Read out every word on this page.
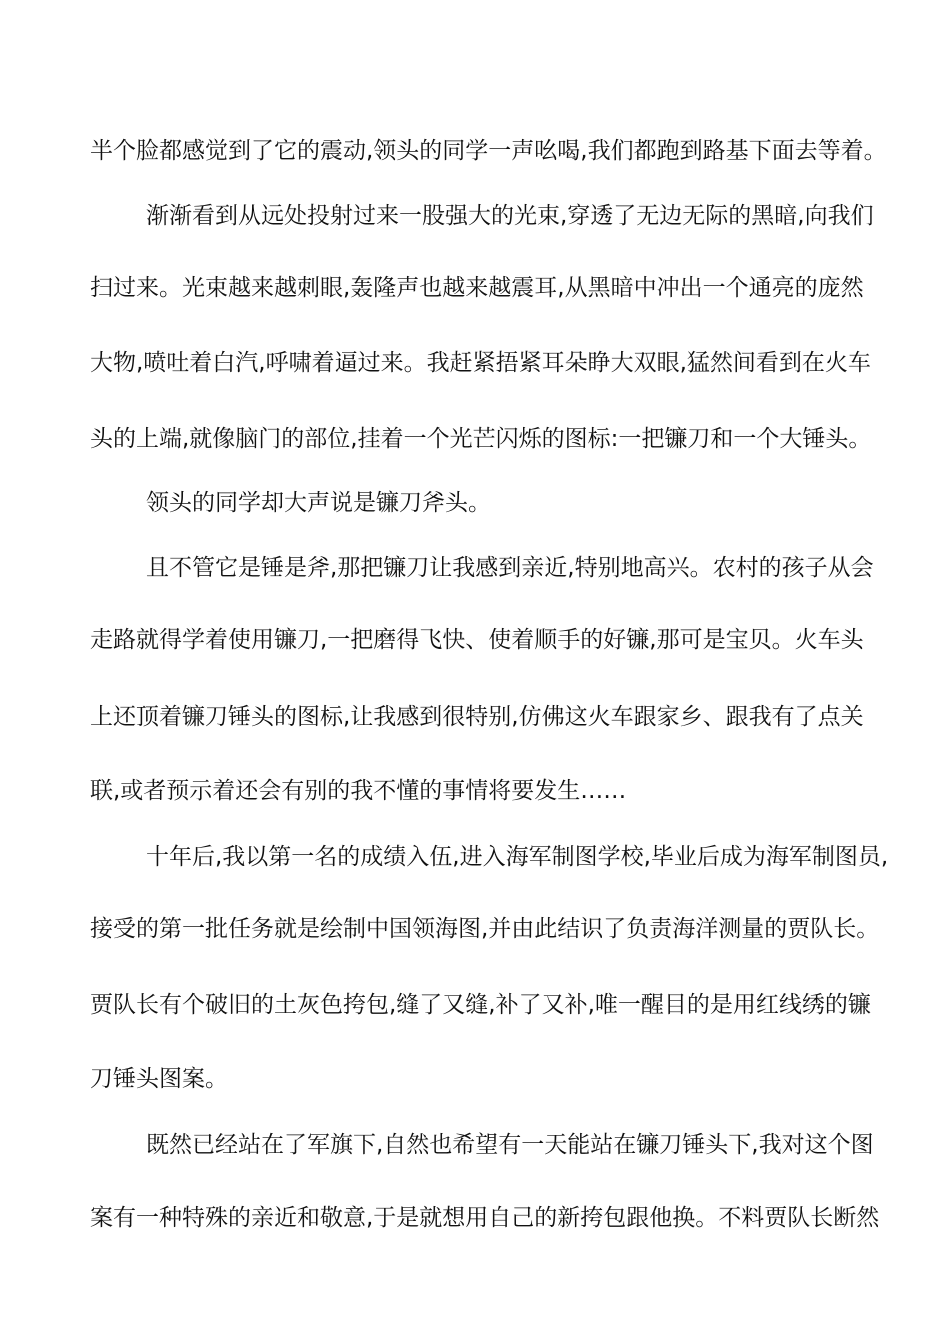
半个脸都感觉到了它的震动,领头的同学一声吆喝,我们都跑到路基下面去等着。
渐渐看到从远处投射过来一股强大的光束,穿透了无边无际的黑暗,向我们
扫过来。光束越来越刺眼,轰隆声也越来越震耳,从黑暗中冲出一个通亮的庞然
大物,喷吐着白汽,呼啸着逼过来。我赶紧捂紧耳朵睁大双眼,猛然间看到在火车
头的上端,就像脑门的部位,挂着一个光芒闪烁的图标:一把镰刀和一个大锤头。
领头的同学却大声说是镰刀斧头。
且不管它是锤是斧,那把镰刀让我感到亲近,特别地高兴。农村的孩子从会
走路就得学着使用镰刀,一把磨得飞快、使着顺手的好镰,那可是宝贝。火车头
上还顶着镰刀锤头的图标,让我感到很特别,仿佛这火车跟家乡、跟我有了点关
联,或者预示着还会有别的我不懂的事情将要发生……
十年后,我以第一名的成绩入伍,进入海军制图学校,毕业后成为海军制图员,
接受的第一批任务就是绘制中国领海图,并由此结识了负责海洋测量的贾队长。
贾队长有个破旧的土灰色挎包,缝了又缝,补了又补,唯一醒目的是用红线绣的镰
刀锤头图案。
既然已经站在了军旗下,自然也希望有一天能站在镰刀锤头下,我对这个图
案有一种特殊的亲近和敬意,于是就想用自己的新挎包跟他换。不料贾队长断然
